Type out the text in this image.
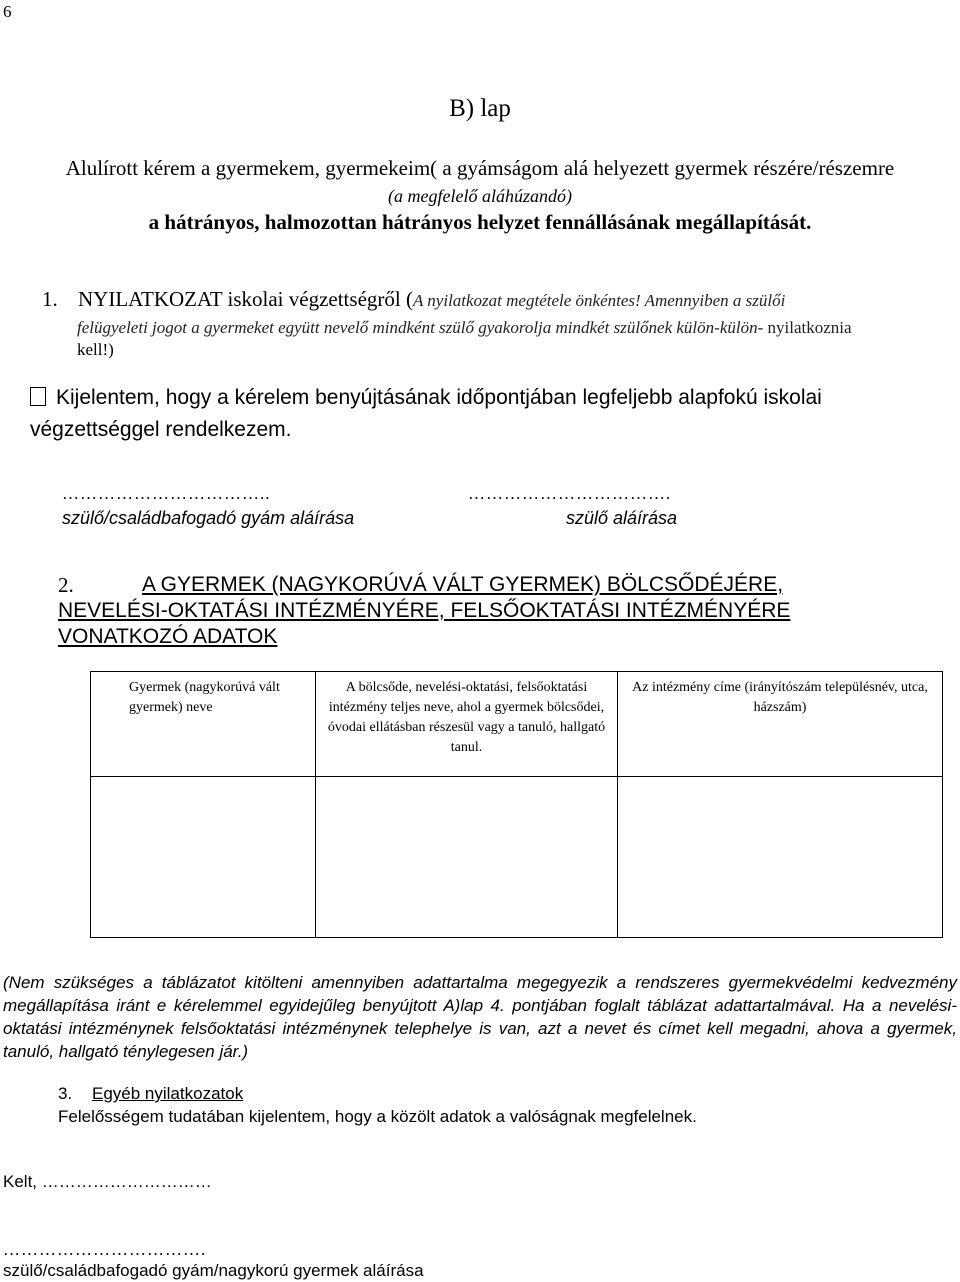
6
B) lap
Alulírott kérem a gyermekem, gyermekeim( a gyámságom alá helyezett gyermek részére/részemre
(a megfelelő aláhúzandó)
a hátrányos, halmozottan hátrányos helyzet fennállásának megállapítását.
1. NYILATKOZAT iskolai végzettségről (A nyilatkozat megtétele önkéntes! Amennyiben a szülői
felügyeleti jogot a gyermeket együtt nevelő mindként szülő gyakorolja mindkét szülőnek külön-külön- nyilatkoznia
kell!)
Kijelentem, hogy a kérelem benyújtásának időpontjában legfeljebb alapfokú iskolai
végzettséggel rendelkezem.
……………………………..	…………………………….
szülő/családbafogadó gyám aláírása	szülő aláírása
2.	A GYERMEK (NAGYKORÚVÁ VÁLT GYERMEK) BÖLCSŐDÉJÉRE,
NEVELÉSI-OKTATÁSI INTÉZMÉNYÉRE, FELSŐOKTATÁSI INTÉZMÉNYÉRE
VONATKOZÓ ADATOK
Gyermek (nagykorúvá vált gyermek) neve	A bölcsőde, nevelési-oktatási, felsőoktatási intézmény teljes neve, ahol a gyermek bölcsődei, óvodai ellátásban részesül vagy a tanuló, hallgató tanul.	Az intézmény címe (irányítószám településnév, utca, házszám)

(Nem szükséges a táblázatot kitölteni amennyiben adattartalma megegyezik a rendszeres gyermekvédelmi kedvezmény megállapítása iránt e kérelemmel egyidejűleg benyújtott A)lap 4. pontjában foglalt táblázat adattartalmával. Ha a nevelési-oktatási intézménynek felsőoktatási intézménynek telephelye is van, azt a nevet és címet kell megadni, ahova a gyermek, tanuló, hallgató ténylegesen jár.)
3. Egyéb nyilatkozatok
Felelősségem tudatában kijelentem, hogy a közölt adatok a valóságnak megfelelnek.
Kelt, …………………………
…………………………….
szülő/családbafogadó gyám/nagykorú gyermek aláírása
